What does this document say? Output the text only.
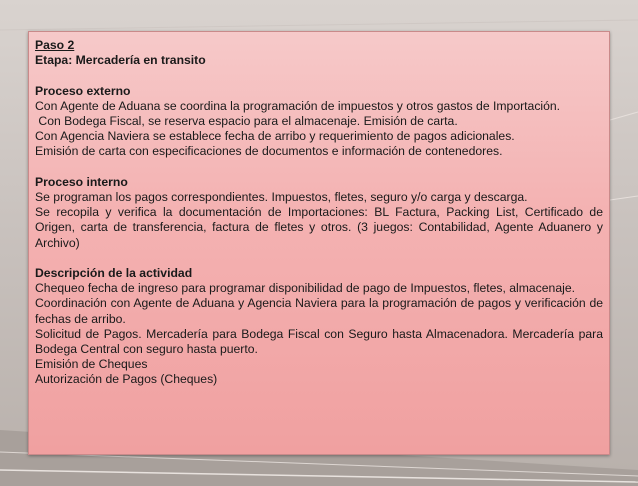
Paso 2
Etapa: Mercadería en transito
Proceso externo
Con Agente de Aduana se coordina la programación de impuestos y otros gastos de Importación.
Con Bodega Fiscal, se reserva espacio para el almacenaje. Emisión de carta.
Con Agencia Naviera se establece fecha de arribo y requerimiento de pagos adicionales.
Emisión de carta con especificaciones de documentos e información de contenedores.
Proceso interno
Se programan los pagos correspondientes. Impuestos, fletes, seguro y/o carga y descarga.
Se recopila y verifica la documentación de Importaciones: BL Factura, Packing List, Certificado de Origen, carta de transferencia, factura de fletes y otros. (3 juegos: Contabilidad, Agente Aduanero y Archivo)
Descripción de la actividad
Chequeo fecha de ingreso para programar disponibilidad de pago de Impuestos, fletes, almacenaje.
Coordinación con Agente de Aduana y Agencia Naviera para la programación de pagos y verificación de fechas de arribo.
Solicitud de Pagos. Mercadería para Bodega Fiscal con Seguro hasta Almacenadora. Mercadería para Bodega Central con seguro hasta puerto.
Emisión de Cheques
Autorización de Pagos (Cheques)
